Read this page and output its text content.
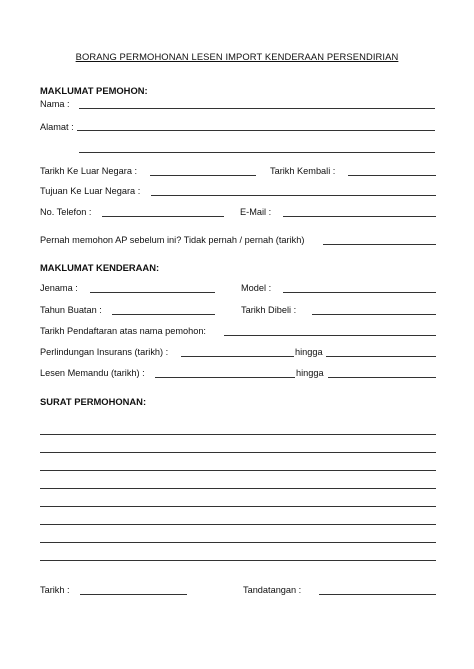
BORANG PERMOHONAN LESEN IMPORT KENDERAAN PERSENDIRIAN
MAKLUMAT PEMOHON:
Nama :
Alamat :
Tarikh Ke Luar Negara :	Tarikh Kembali :
Tujuan Ke Luar Negara :
No. Telefon :	E-Mail :
Pernah memohon AP sebelum ini? Tidak pernah / pernah (tarikh)
MAKLUMAT KENDERAAN:
Jenama :	Model :
Tahun Buatan :	Tarikh Dibeli :
Tarikh Pendaftaran atas nama pemohon:
Perlindungan Insurans (tarikh) :	hingga
Lesen Memandu (tarikh) :	hingga
SURAT PERMOHONAN:
Tarikh :	Tandatangan :
